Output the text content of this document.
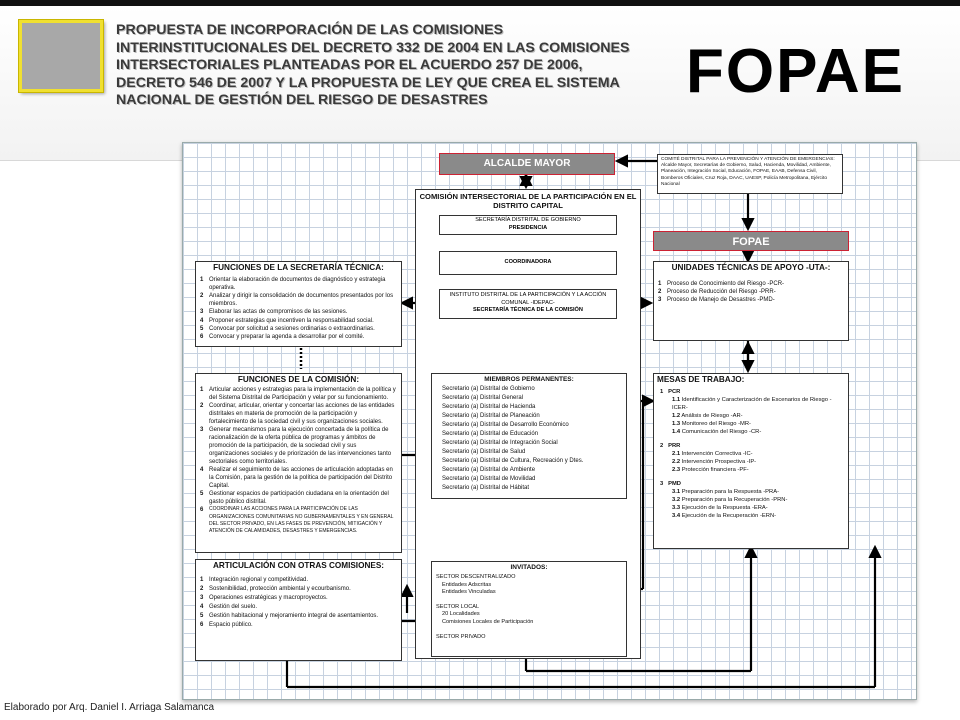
PROPUESTA DE INCORPORACIÓN DE LAS COMISIONES INTERINSTITUCIONALES DEL DECRETO 332 DE 2004 EN LAS COMISIONES INTERSECTORIALES PLANTEADAS POR EL ACUERDO 257 DE 2006, DECRETO 546 DE 2007 Y LA PROPUESTA DE LEY QUE CREA EL SISTEMA NACIONAL DE GESTIÓN DEL RIESGO DE DESASTRES	FOPAE
ALCALDE MAYOR	COMITÉ DISTRITAL PARA LA PREVENCIÓN Y ATENCIÓN DE EMERGENCIAS: Alcalde Mayor, Secretarías de Gobierno, Salud, Hacienda, Movilidad, Ambiente, Planeación, Integración Social, Educación, FOPAE, EAAB, Defensa Civil, Bomberos Oficiales, Cruz Roja, DAAC, UAESP, Policía Metropolitana, Ejército Nacional
FOPAE
COMISIÓN INTERSECTORIAL DE LA PARTICIPACIÓN EN EL DISTRITO CAPITAL
SECRETARÍA DISTRITAL DE GOBIERNO
PRESIDENCIA
COORDINADORA
INSTITUTO DISTRITAL DE LA PARTICIPACIÓN Y LA ACCIÓN COMUNAL -IDEPAC-
SECRETARÍA TÉCNICA DE LA COMISIÓN
FUNCIONES DE LA SECRETARÍA TÉCNICA:
1 Orientar la elaboración de documentos de diagnóstico y estrategia operativa.
2 Analizar y dirigir la consolidación de documentos presentados por los miembros.
3 Elaborar las actas de compromisos de las sesiones.
4 Proponer estrategias que incentiven la responsabilidad social.
5 Convocar por solicitud a sesiones ordinarias o extraordinarias.
6 Convocar y preparar la agenda a desarrollar por el comité.
UNIDADES TÉCNICAS DE APOYO -UTA-:
1 Proceso de Conocimiento del Riesgo -PCR-
2 Proceso de Reducción del Riesgo -PRR-
3 Proceso de Manejo de Desastres -PMD-
FUNCIONES DE LA COMISIÓN:
1 Articular acciones y estrategias para la implementación de la política y del Sistema Distrital de Participación y velar por su funcionamiento.
2 Coordinar, articular, orientar y concertar las acciones de las entidades distritales en materia de promoción de la participación y fortalecimiento de la sociedad civil y sus organizaciones sociales.
3 Generar mecanismos para la ejecución concertada de la política de racionalización de la oferta pública de programas y ámbitos de promoción de la participación, de la sociedad civil y sus organizaciones sociales y de priorización de las intervenciones tanto sectoriales como territoriales.
4 Realizar el seguimiento de las acciones de articulación adoptadas en la Comisión, para la gestión de la política de participación del Distrito Capital.
5 Gestionar espacios de participación ciudadana en la orientación del gasto público distrital.
6	COORDINAR LAS ACCIONES PARA LA PARTICIPACIÓN DE LAS ORGANIZACIONES COMUNITARIAS NO GUBERNAMENTALES Y EN GENERAL DEL SECTOR PRIVADO, EN LAS FASES DE PREVENCIÓN, MITIGACIÓN Y ATENCIÓN DE CALAMIDADES, DESASTRES Y EMERGENCIAS.
MIEMBROS PERMANENTES:
Secretario (a) Distrital de Gobierno
Secretario (a) Distrital General
Secretario (a) Distrital de Hacienda
Secretario (a) Distrital de Planeación
Secretario (a) Distrital de Desarrollo Económico
Secretario (a) Distrital de Educación
Secretario (a) Distrital de Integración Social
Secretario (a) Distrital de Salud
Secretario (a) Distrital de Cultura, Recreación y Dtes.
Secretario (a) Distrital de Ambiente
Secretario (a) Distrital de Movilidad
Secretario (a) Distrital de Hábitat
MESAS DE TRABAJO:
1 PCR
1.1 Identificación y Caracterización de Escenarios de Riesgo -ICER-
1.2 Análisis de Riesgo -AR-
1.3 Monitoreo del Riesgo -MR-
1.4 Comunicación del Riesgo -CR-
2 PRR
2.1 Intervención Correctiva -IC-
2.2 Intervención Prospectiva -IP-
2.3 Protección financiera -PF-
3 PMD
3.1 Preparación para la Respuesta -PRA-
3.2 Preparación para la Recuperación -PRN-
3.3 Ejecución de la Respuesta -ERA-
3.4 Ejecución de la Recuperación -ERN-
ARTICULACIÓN CON OTRAS COMISIONES:
1 Integración regional y competitividad.
2 Sostenibilidad, protección ambiental y ecourbanismo.
3 Operaciones estratégicas y macroproyectos.
4 Gestión del suelo.
5 Gestión habitacional y mejoramiento integral de asentamientos.
6 Espacio público.
INVITADOS:
SECTOR DESCENTRALIZADO
Entidades Adscritas
Entidades Vinculadas
SECTOR LOCAL
20 Localidades
Comisiones Locales de Participación
SECTOR PRIVADO
Elaborado por Arq. Daniel I. Arriaga Salamanca
